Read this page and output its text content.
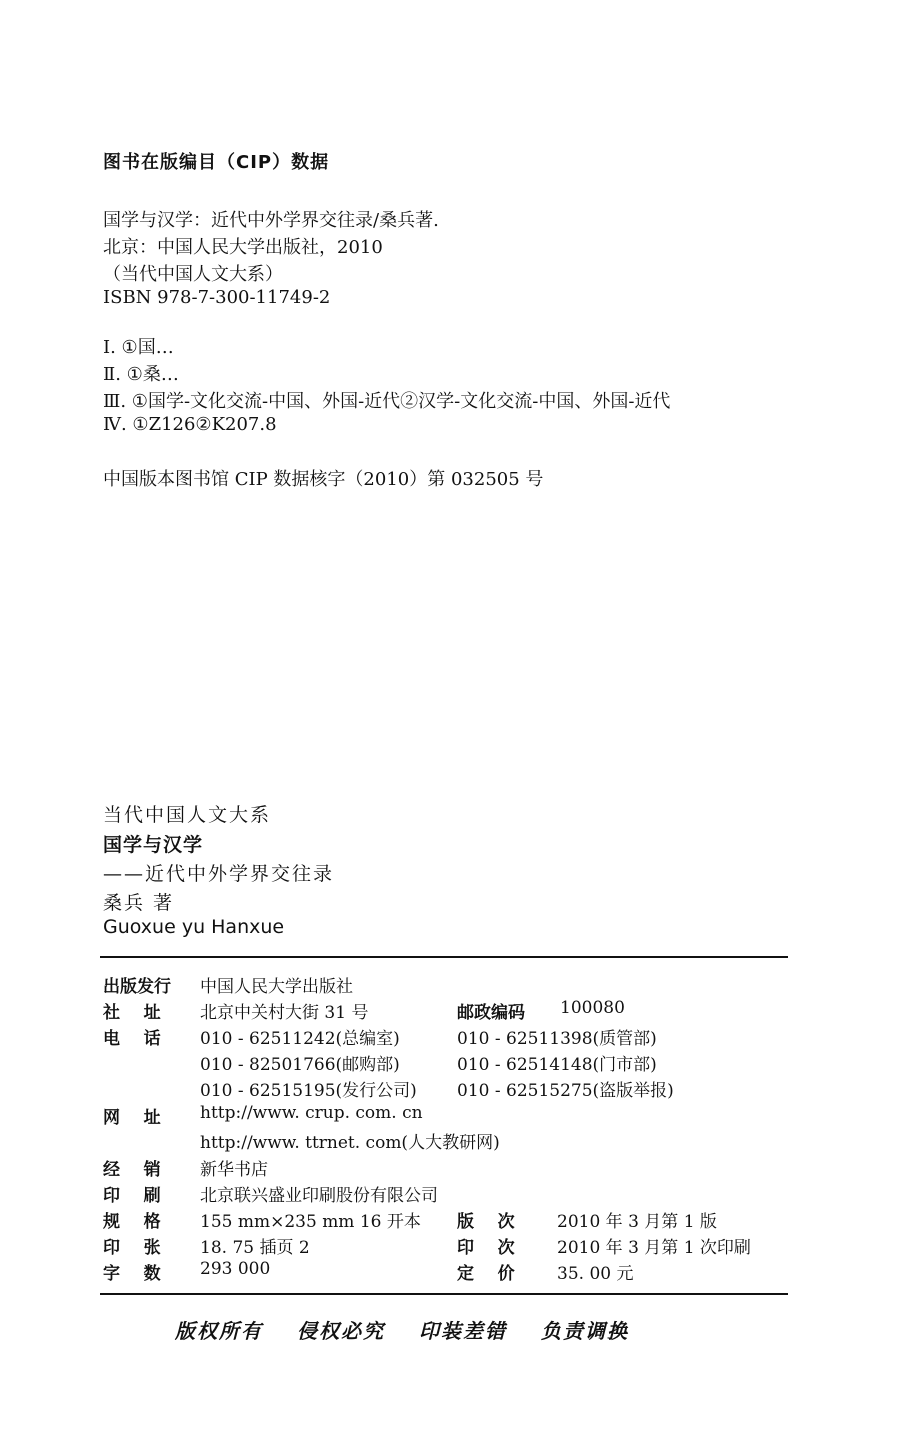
图书在版编目（CIP）数据
国学与汉学：近代中外学界交往录/桑兵著.
北京：中国人民大学出版社，2010
（当代中国人文大系）
ISBN 978-7-300-11749-2
Ⅰ. ①国…
Ⅱ. ①桑…
Ⅲ. ①国学-文化交流-中国、外国-近代②汉学-文化交流-中国、外国-近代
Ⅳ. ①Z126②K207.8
中国版本图书馆 CIP 数据核字（2010）第 032505 号
当代中国人文大系
国学与汉学
——近代中外学界交往录
桑兵 著
Guoxue yu Hanxue
出版发行 中国人民大学出版社
社    址 北京中关村大街 31 号	邮政编码 100080
电    话 010 - 62511242(总编室)	010 - 62511398(质管部)
010 - 82501766(邮购部)	010 - 62514148(门市部)
010 - 62515195(发行公司) 010 - 62515275(盗版举报)
网    址 http://www. crup. com. cn
http://www. ttrnet. com(人大教研网)
经    销 新华书店
印    刷 北京联兴盛业印刷股份有限公司
规    格 155 mm×235 mm 16 开本 版    次 2010 年 3 月第 1 版
印    张 18. 75 插页 2	印    次 2010 年 3 月第 1 次印刷
字    数 293 000	定    价 35. 00 元
版权所有 侵权必究 印装差错 负责调换
